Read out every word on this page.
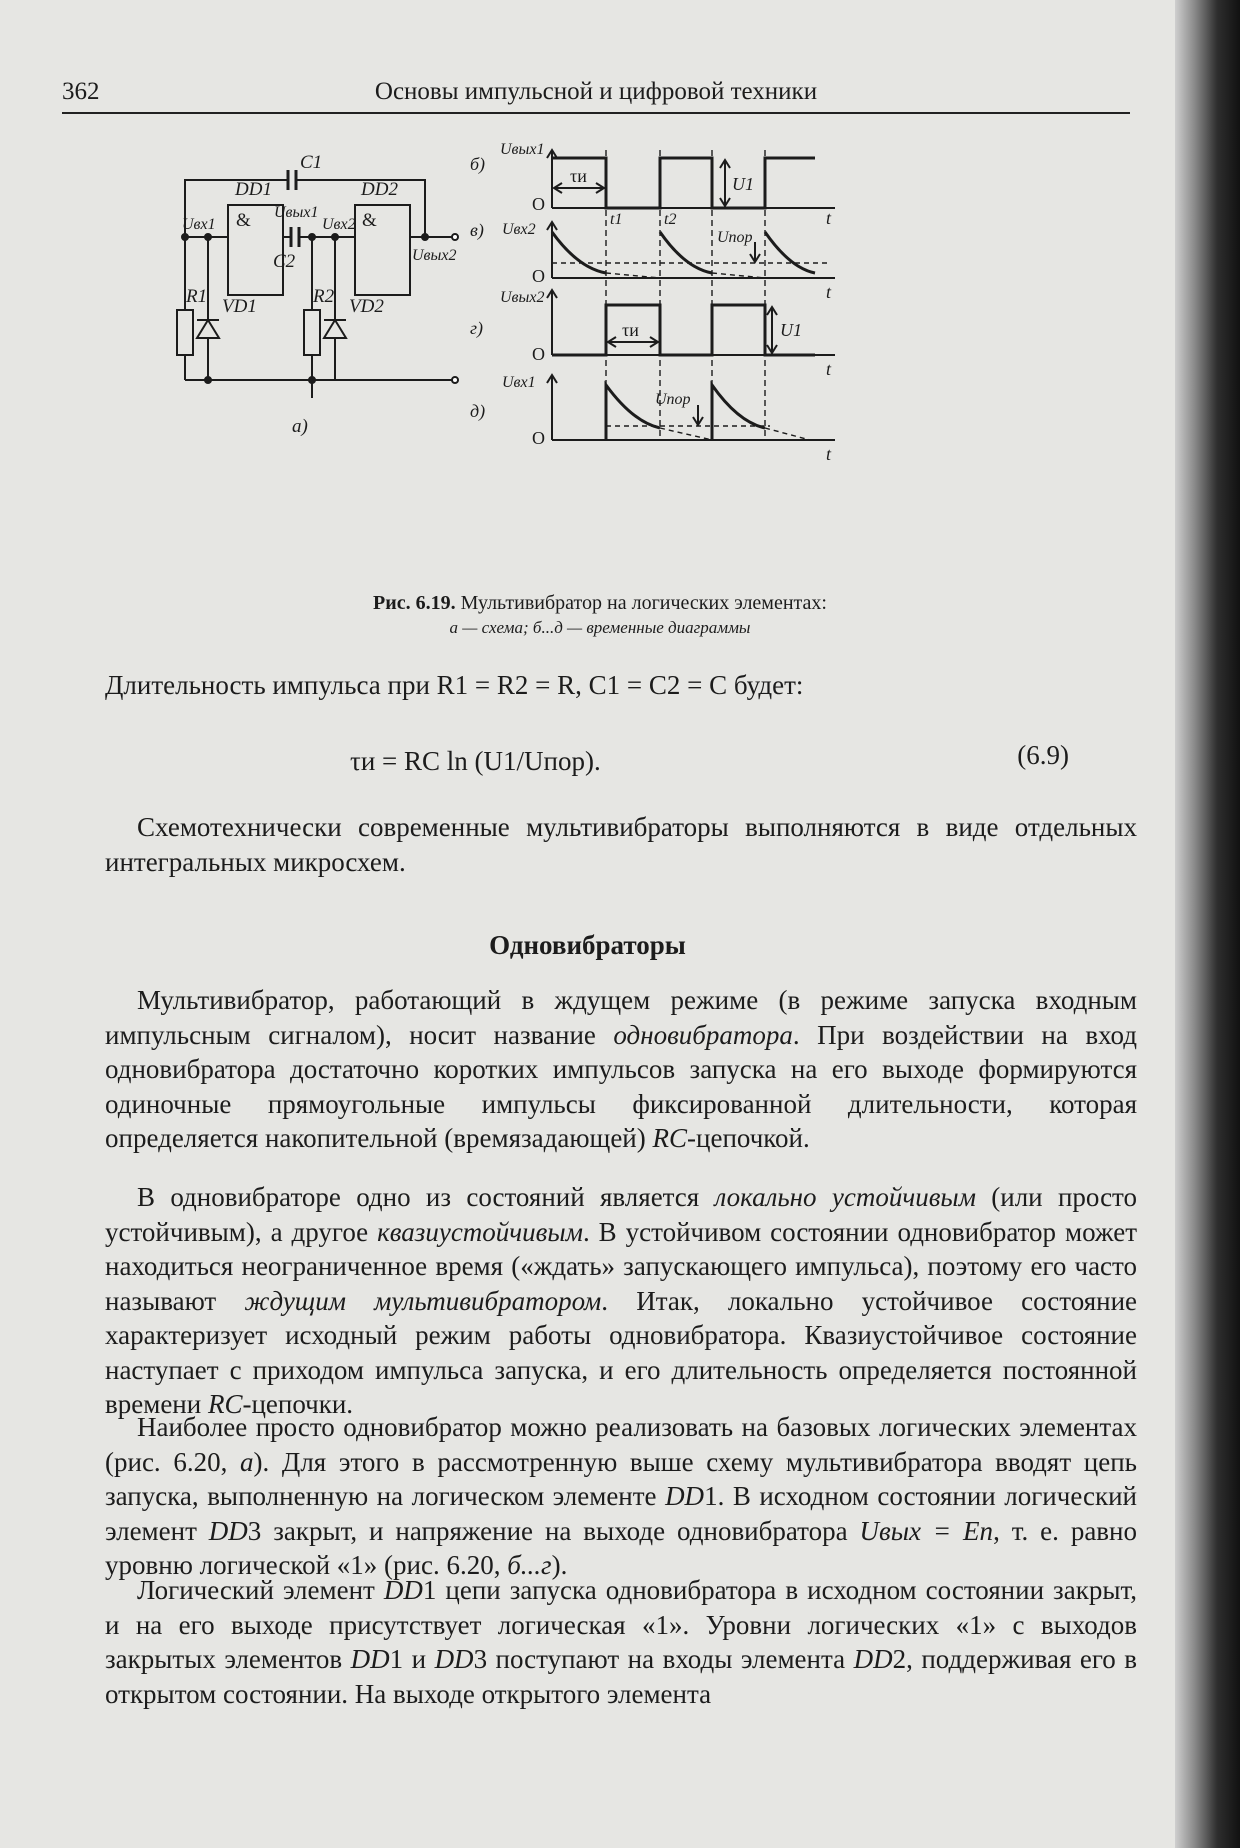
362	Основы импульсной и цифровой техники
C1
DD1	DD2
&	&
Uвх1
Uвых1
Uвх2
Uвых2
C2
R1 VD1	R2 VD2
а)
б)
в)
г)
д)
Uвых1
Uвх2
Uвых2
Uвх1
O
O
O
O
t
t
t
t
τи
τи
U1
U1
Uпор
Uпор
t1	t2
Рис. 6.19. Мультивибратор на логических элементах:
а — схема; б...д — временные диаграммы
Длительность импульса при R1 = R2 = R, C1 = C2 = C будет:
τи = RC ln (U1/Uпор).	(6.9)

Схемотехнически современные мультивибраторы выполняются в виде отдельных интегральных микросхем.

Одновибраторы

Мультивибратор, работающий в ждущем режиме (в режиме запуска входным импульсным сигналом), носит название одновибратора. При воздействии на вход одновибратора достаточно коротких импульсов запуска на его выходе формируются одиночные прямоугольные импульсы фиксированной длительности, которая определяется накопительной (времязадающей) RC-цепочкой.

В одновибраторе одно из состояний является локально устойчивым (или просто устойчивым), а другое квазиустойчивым. В устойчивом состоянии одновибратор может находиться неограниченное время («ждать» запускающего импульса), поэтому его часто называют ждущим мультивибратором. Итак, локально устойчивое состояние характеризует исходный режим работы одновибратора. Квазиустойчивое состояние наступает с приходом импульса запуска, и его длительность определяется постоянной времени RC-цепочки.

Наиболее просто одновибратор можно реализовать на базовых логических элементах (рис. 6.20, а). Для этого в рассмотренную выше схему мультивибратора вводят цепь запуска, выполненную на логическом элементе DD1. В исходном состоянии логический элемент DD3 закрыт, и напряжение на выходе одновибратора Uвых = Eп, т. е. равно уровню логической «1» (рис. 6.20, б...г).

Логический элемент DD1 цепи запуска одновибратора в исходном состоянии закрыт, и на его выходе присутствует логическая «1». Уровни логических «1» с выходов закрытых элементов DD1 и DD3 поступают на входы элемента DD2, поддерживая его в открытом состоянии. На выходе открытого элемента
